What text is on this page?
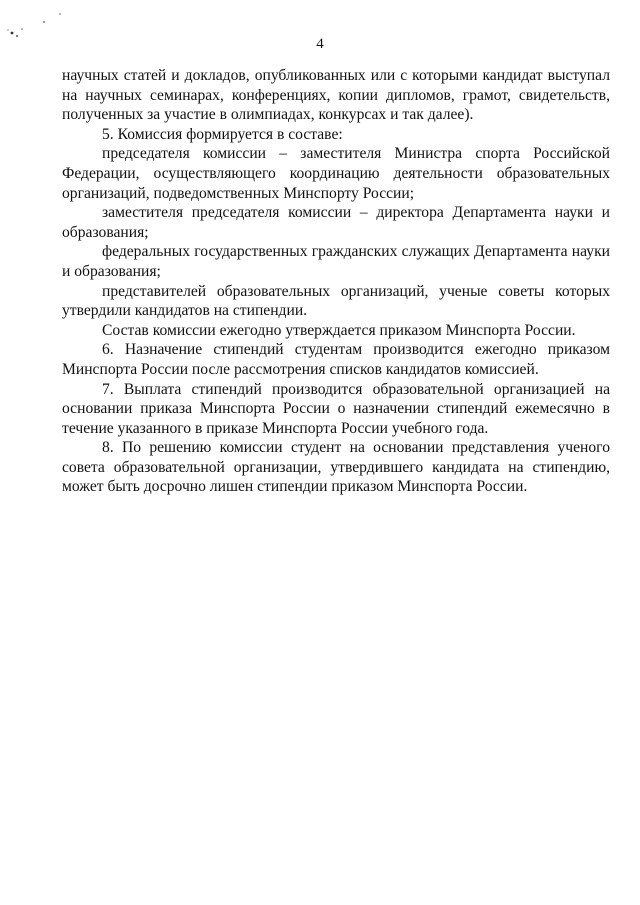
4

научных статей и докладов, опубликованных или с которыми кандидат выступал на научных семинарах, конференциях, копии дипломов, грамот, свидетельств, полученных за участие в олимпиадах, конкурсах и так далее).

5. Комиссия формируется в составе:

председателя комиссии – заместителя Министра спорта Российской Федерации, осуществляющего координацию деятельности образовательных организаций, подведомственных Минспорту России;

заместителя председателя комиссии – директора Департамента науки и образования;

федеральных государственных гражданских служащих Департамента науки и образования;

представителей образовательных организаций, ученые советы которых утвердили кандидатов на стипендии.

Состав комиссии ежегодно утверждается приказом Минспорта России.

6. Назначение стипендий студентам производится ежегодно приказом Минспорта России после рассмотрения списков кандидатов комиссией.

7. Выплата стипендий производится образовательной организацией на основании приказа Минспорта России о назначении стипендий ежемесячно в течение указанного в приказе Минспорта России учебного года.

8. По решению комиссии студент на основании представления ученого совета образовательной организации, утвердившего кандидата на стипендию, может быть досрочно лишен стипендии приказом Минспорта России.
